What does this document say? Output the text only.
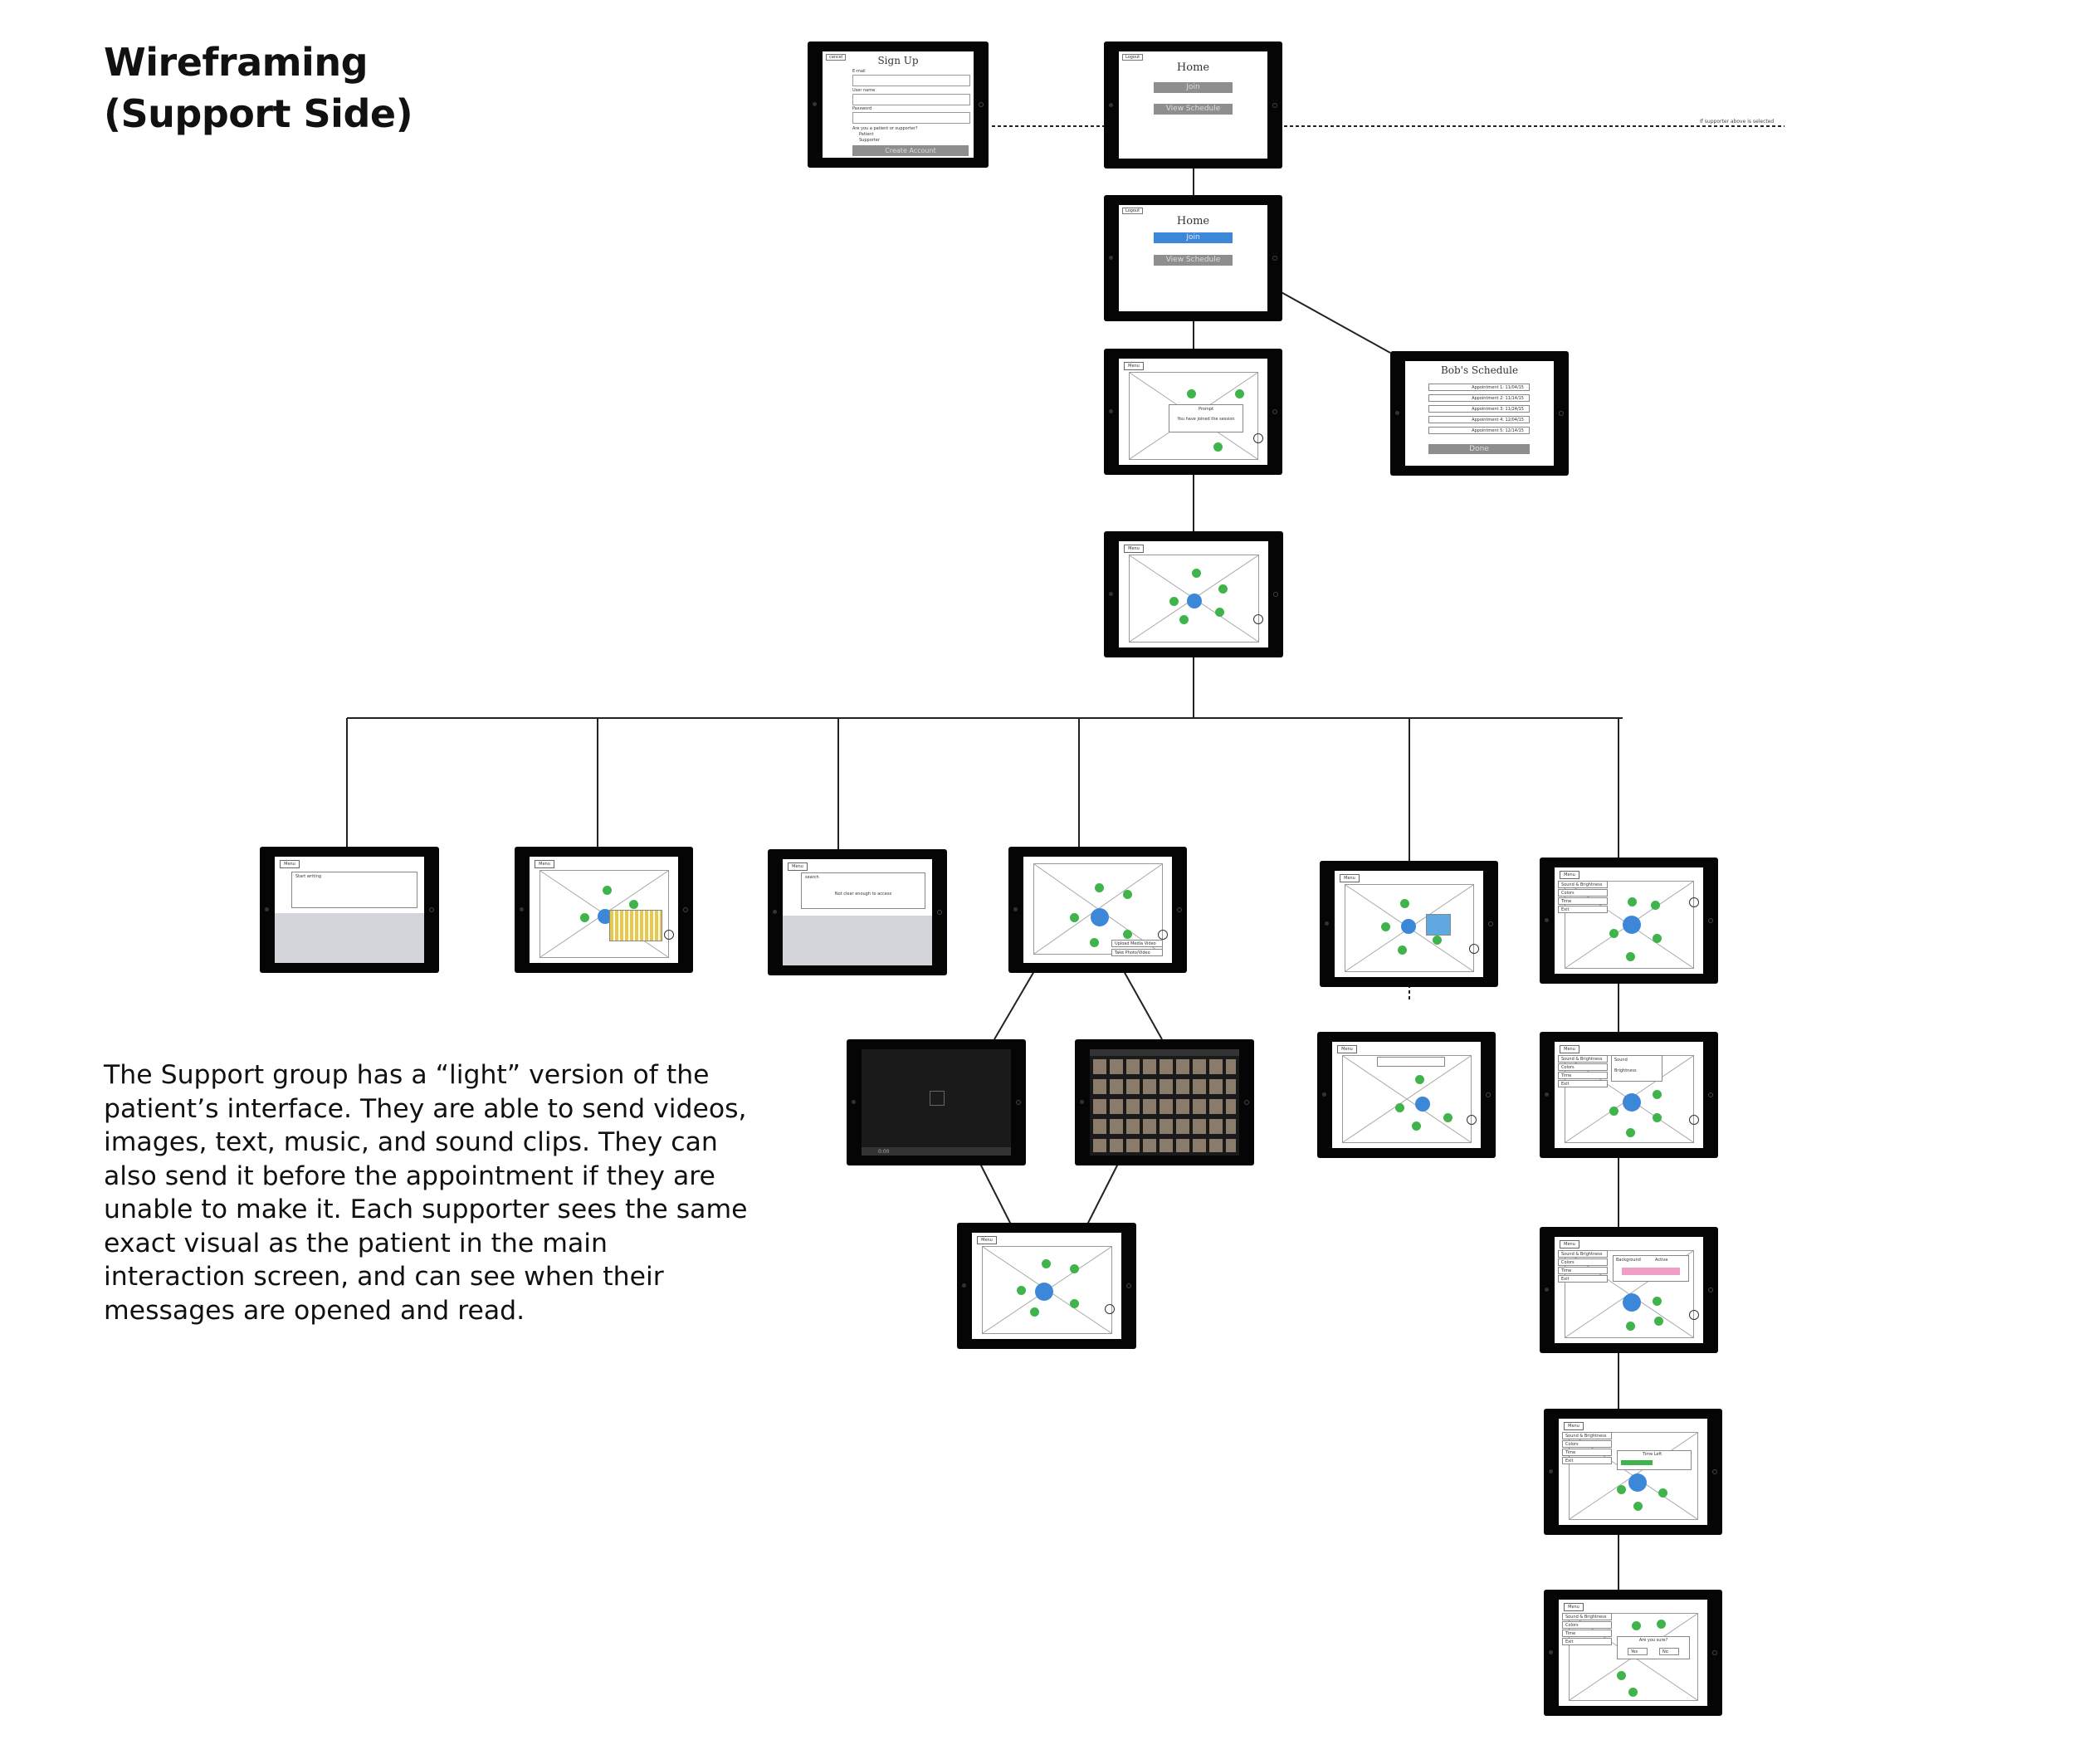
If supporter above is selected
Wireframing
(Support Side)

The Support group has a “light” version of the patient’s interface. They are able to send videos, images, text, music, and sound clips. They can also send it before the appointment if they are unable to make it. Each supporter sees the same exact visual as the patient in the main interaction screen, and can see when their messages are opened and read.

cancel	Sign Up
E-mail
User name
Password
Are you a patient or supporter?
Patient
Supporter
Create Account
Logout
Home
Join
View Schedule
Logout
Home
Join
View Schedule
Bob's Schedule
Appointment 1: 11/04/15
Appointment 2: 11/14/15
Appointment 3: 11/24/15
Appointment 4: 12/04/15
Appointment 5: 12/14/15
Done
Menu
Prompt
You have joined the session
Menu
Menu
Start writing
Menu	Menu
search
Not clear enough to access
Upload Media Video
Take Photo/Video
Menu
Menu
Menu
Sound & Brightness
Colors
Time
Exit
Menu
Sound & Brightness
Colors
Time
Exit
Sound
Brightness
Menu
Sound & Brightness
Colors
Time
Exit
Background	Active
Menu
Sound & Brightness
Colors
Time
Exit
Time Left
Menu
Sound & Brightness
Colors
Time
Exit	Are you sure?
Yes	No
0:00
Menu
